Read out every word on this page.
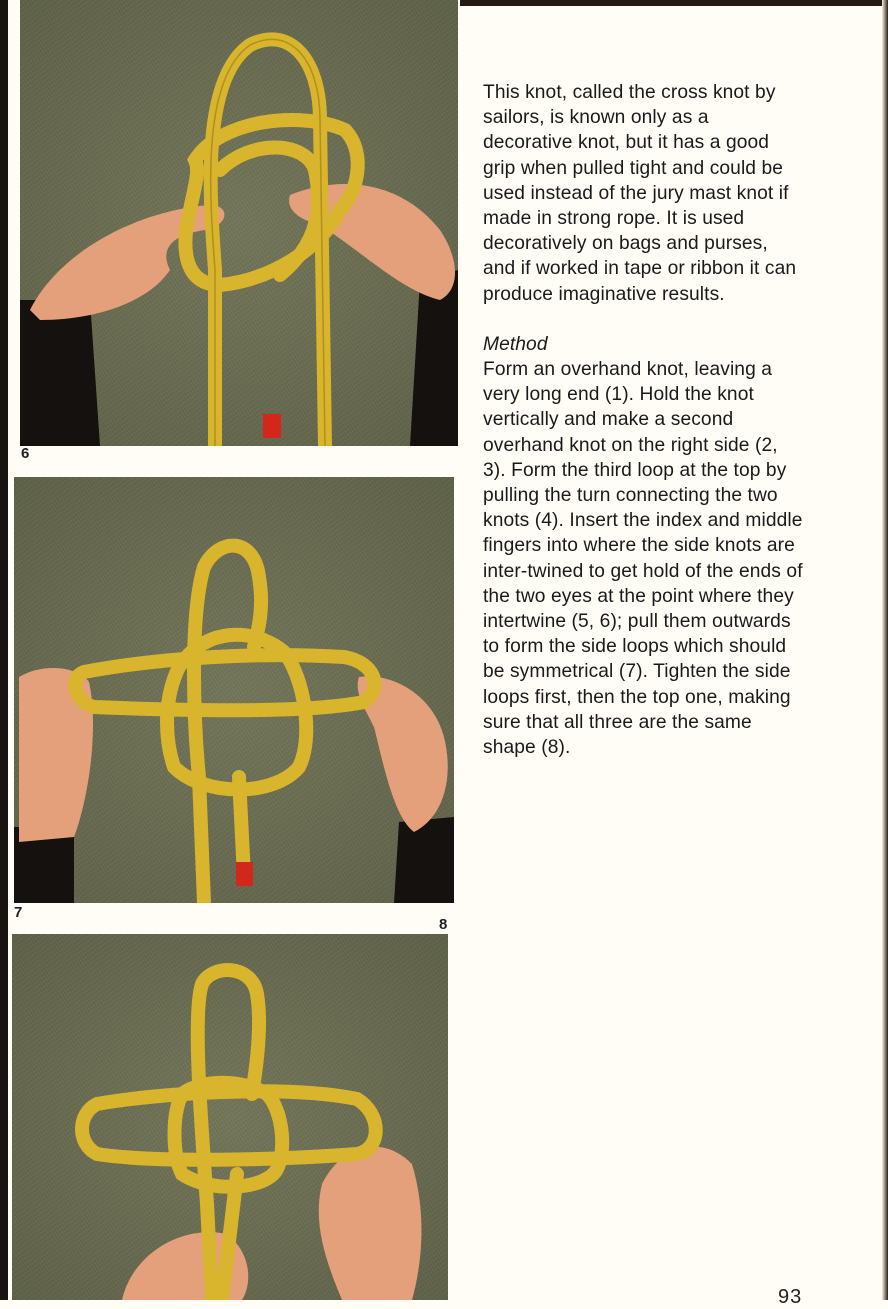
6
7
8

This knot, called the cross knot by sailors, is known only as a decorative knot, but it has a good grip when pulled tight and could be used instead of the jury mast knot if made in strong rope. It is used decoratively on bags and purses, and if worked in tape or ribbon it can produce imaginative results.

Method

Form an overhand knot, leaving a very long end (1). Hold the knot vertically and make a second overhand knot on the right side (2, 3). Form the third loop at the top by pulling the turn connecting the two knots (4). Insert the index and middle fingers into where the side knots are inter-twined to get hold of the ends of the two eyes at the point where they intertwine (5, 6); pull them outwards to form the side loops which should be symmetrical (7). Tighten the side loops first, then the top one, making sure that all three are the same shape (8).

93
